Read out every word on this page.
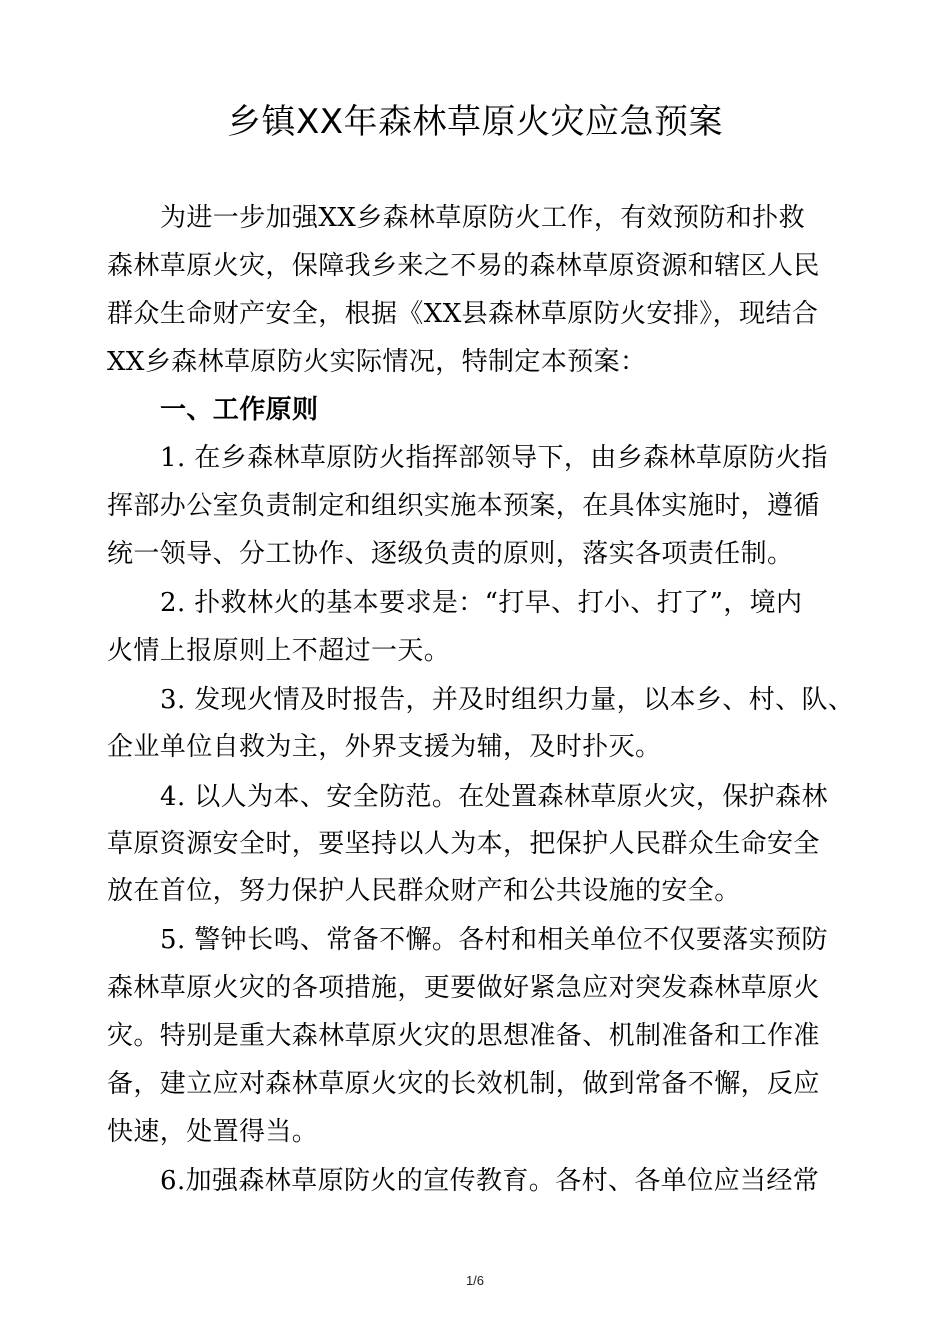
乡镇XX年森林草原火灾应急预案
为进一步加强XX乡森林草原防火工作，有效预防和扑救
森林草原火灾，保障我乡来之不易的森林草原资源和辖区人民
群众生命财产安全，根据《XX县森林草原防火安排》，现结合
XX乡森林草原防火实际情况，特制定本预案：
一、工作原则
1. 在乡森林草原防火指挥部领导下，由乡森林草原防火指
挥部办公室负责制定和组织实施本预案，在具体实施时，遵循
统一领导、分工协作、逐级负责的原则，落实各项责任制。
2. 扑救林火的基本要求是：“打早、打小、打了”，境内
火情上报原则上不超过一天。
3. 发现火情及时报告，并及时组织力量，以本乡、村、队、
企业单位自救为主，外界支援为辅，及时扑灭。
4. 以人为本、安全防范。在处置森林草原火灾，保护森林
草原资源安全时，要坚持以人为本，把保护人民群众生命安全
放在首位，努力保护人民群众财产和公共设施的安全。
5. 警钟长鸣、常备不懈。各村和相关单位不仅要落实预防
森林草原火灾的各项措施，更要做好紧急应对突发森林草原火
灾。特别是重大森林草原火灾的思想准备、机制准备和工作准
备，建立应对森林草原火灾的长效机制，做到常备不懈，反应
快速，处置得当。
6.加强森林草原防火的宣传教育。各村、各单位应当经常
1/6
